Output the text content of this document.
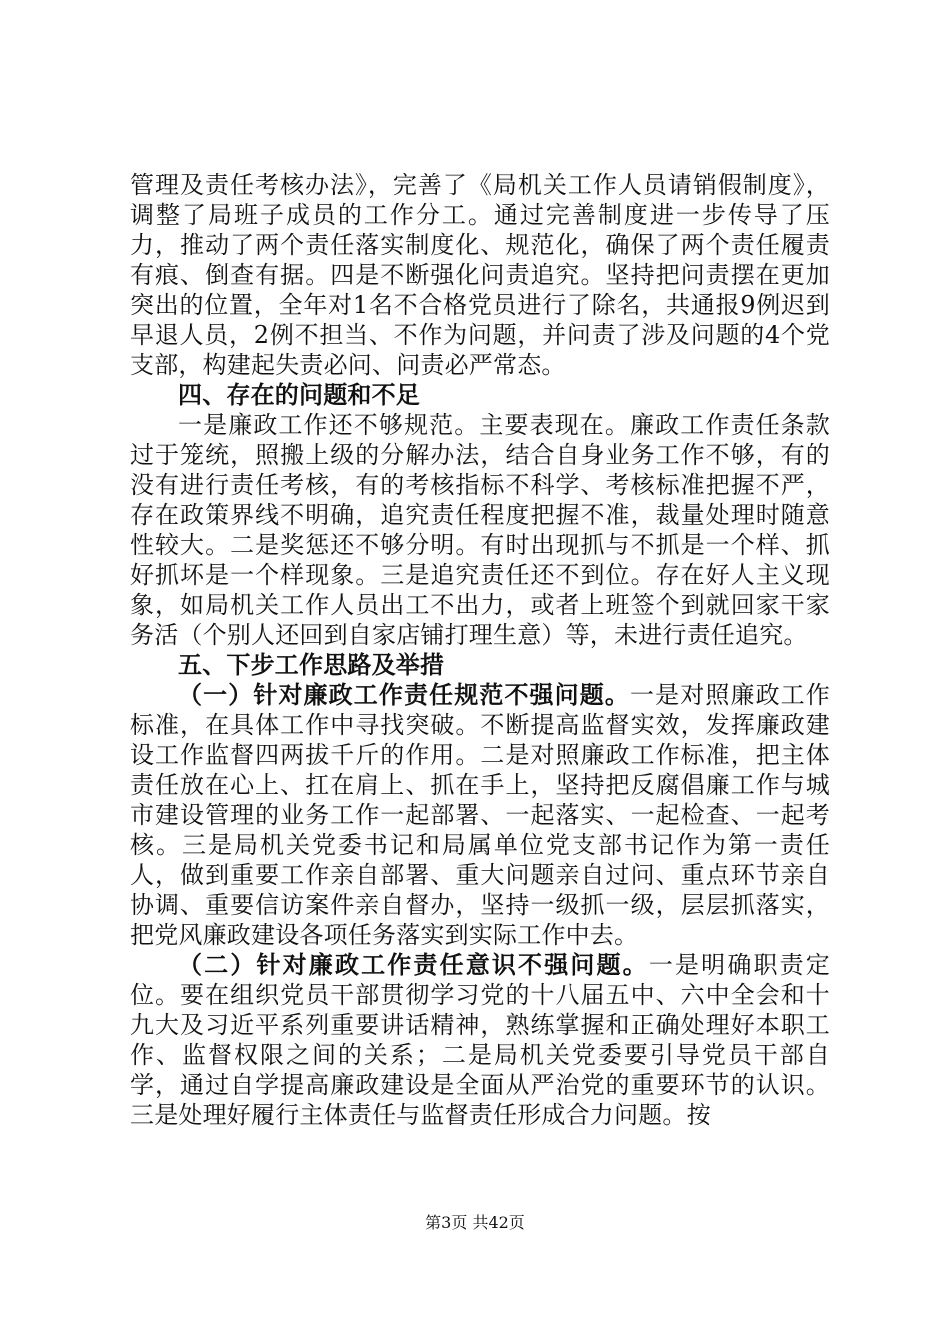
管理及责任考核办法》，完善了《局机关工作人员请销假制度》，调整了局班子成员的工作分工。通过完善制度进一步传导了压力，推动了两个责任落实制度化、规范化，确保了两个责任履责有痕、倒查有据。四是不断强化问责追究。坚持把问责摆在更加突出的位置，全年对1名不合格党员进行了除名，共通报9例迟到早退人员，2例不担当、不作为问题，并问责了涉及问题的4个党支部，构建起失责必问、问责必严常态。

四、存在的问题和不足

一是廉政工作还不够规范。主要表现在。廉政工作责任条款过于笼统，照搬上级的分解办法，结合自身业务工作不够，有的没有进行责任考核，有的考核指标不科学、考核标准把握不严，存在政策界线不明确，追究责任程度把握不准，裁量处理时随意性较大。二是奖惩还不够分明。有时出现抓与不抓是一个样、抓好抓坏是一个样现象。三是追究责任还不到位。存在好人主义现象，如局机关工作人员出工不出力，或者上班签个到就回家干家务活（个别人还回到自家店铺打理生意）等，未进行责任追究。

五、下步工作思路及举措

（一）针对廉政工作责任规范不强问题。一是对照廉政工作标准，在具体工作中寻找突破。不断提高监督实效，发挥廉政建设工作监督四两拔千斤的作用。二是对照廉政工作标准，把主体责任放在心上、扛在肩上、抓在手上，坚持把反腐倡廉工作与城市建设管理的业务工作一起部署、一起落实、一起检查、一起考核。三是局机关党委书记和局属单位党支部书记作为第一责任人，做到重要工作亲自部署、重大问题亲自过问、重点环节亲自协调、重要信访案件亲自督办，坚持一级抓一级，层层抓落实，把党风廉政建设各项任务落实到实际工作中去。

（二）针对廉政工作责任意识不强问题。一是明确职责定位。要在组织党员干部贯彻学习党的十八届五中、六中全会和十九大及习近平系列重要讲话精神，熟练掌握和正确处理好本职工作、监督权限之间的关系；二是局机关党委要引导党员干部自学，通过自学提高廉政建设是全面从严治党的重要环节的认识。三是处理好履行主体责任与监督责任形成合力问题。按

第3页 共42页
